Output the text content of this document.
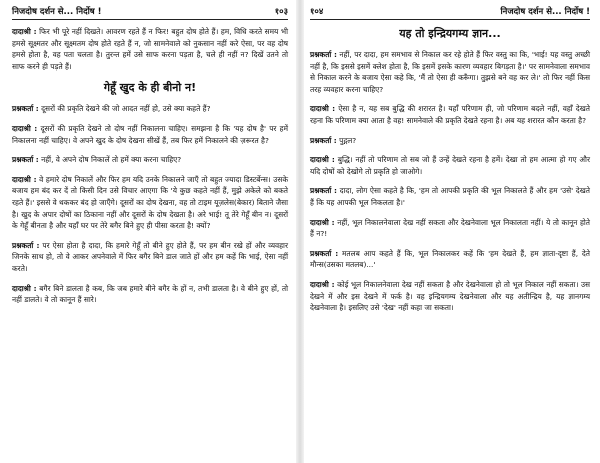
निजदोष दर्शन से... निर्दोष !	१०३

दादाश्री : फिर भी पूरे नहीं दिखते। आवरण रहते हैं न फिर! बहुत दोष होते हैं। हम, विधि करते समय भी हमसे सूक्ष्मतर और सूक्ष्मतम दोष होते रहते हैं न, जो सामनेवाले को नुकसान नहीं करे ऐसा, पर वह दोष हमसे होता है, वह पता चलता है। तुरन्त हमें उसे साफ करना पड़ता है, चले ही नहीं न? दिखें उतने तो साफ करने ही पड़ते हैं।

गेहूँ खुद के ही बीनो न!

प्रश्नकर्ता : दूसरों की प्रकृति देखने की जो आदत नहीं हो, उसे क्या कहते हैं?

दादाश्री : दूसरों की प्रकृति देखने तो दोष नहीं निकालना चाहिए। समझना है कि 'यह दोष है' पर हमें निकालना नहीं चाहिए। वे अपने खुद के दोष देखना सीखें हैं, तब फिर हमें निकालने की ज़रूरत है?

प्रश्नकर्ता : नहीं, वे अपने दोष निकालें तो हमें क्या करना चाहिए?

दादाश्री : वे हमारे दोष निकालें और फिर हम यदि उनके निकालने जाएँ तो बहुत ज्यादा डिस्टर्बेन्स। उसके बजाय हम बंद कर दें तो किसी दिन उसे विचार आएगा कि 'ये कुछ कहते नहीं हैं, मुझे अकेले को बकते रहते हैं।' इससे वे थककर बंद हो जाएँगे। दूसरों का दोष देखना, वह तो टाइम यूज़लेस(बेकार) बिताने जैसा है। खुद के अपार दोषों का ठिकाना नहीं और दूसरों के दोष देखता है। अरे भाई! तू तेरे गेहूँ बीन न। दूसरों के गेहूँ बीनता है और यहाँ घर पर तेरे बगैर बिने हुए ही पीसा करता है! क्यों?

प्रश्नकर्ता : पर ऐसा होता है दादा, कि हमारे गेहूँ तो बीने हुए होते हैं, पर हम बीन रखे हों और व्यवहार जिनके साथ हो, तो वे आकर अपनेवाले में फिर बगैर बिने डाल जाते हों और हम कहें कि भाई, ऐसा नहीं करते।

दादाश्री : बगैर बिने डालता है कब, कि जब हमारे बीने बगैर के हों न, तभी डालता है। वे बीने हुए हों, तो नहीं डालते। वे तो कानून हैं सारे।

१०४	निजदोष दर्शन से... निर्दोष !
यह तो इन्द्रियगम्य ज्ञान...

प्रश्नकर्ता : नहीं, पर दादा, हम समभाव से निकाल कर रहे होते हैं फिर वस्तु का कि, 'भाई! यह वस्तु अच्छी नहीं है, कि इससे इसमें क्लेश होता है, कि इसमें इसके कारण व्यवहार बिगड़ता है।' पर सामनेवाला समभाव से निकाल करने के बजाय ऐसा कहे कि, 'मैं तो ऐसा ही करूँगा। तुझसे बने वह कर ले।' तो फिर नहीं किस तरह व्यवहार करना चाहिए?

दादाश्री : ऐसा है न, यह सब बुद्धि की शरारत है। यहाँ परिणाम ही, जो परिणाम बदले नहीं, वहाँ देखते रहना कि परिणाम क्या आता है वह! सामनेवाले की प्रकृति देखते रहना है। अब यह शरारत कौन करता है?

प्रश्नकर्ता : पुद्गल?

दादाश्री : बुद्धि। नहीं तो परिणाम तो सब जो हैं उन्हें देखते रहना है हमें। देखा तो हम आत्मा हो गए और यदि दोषों को देखोगे तो प्रकृति हो जाओगे।

प्रश्नकर्ता : दादा, लोग ऐसा कहते है कि, 'हम तो आपकी प्रकृति की भूल निकालते हैं और हम 'उसे' देखते हैं कि यह आपकी भूल निकलता है।'

दादाश्री : नहीं, भूल निकालनेवाला देख नहीं सकता और देखनेवाला भूल निकालता नहीं। ये तो कानून होते हैं न?!

प्रश्नकर्ता : मतलब आप कहते हैं कि, भूल निकालकर कहें कि 'हम देखते हैं, हम ज्ञाता-दृष्टा हैं, देते मौन्स(उसका मतलब)...'

दादाश्री : कोई भूल निकालनेवाला देख नहीं सकता है और देखनेवाला हो तो भूल निकाल नहीं सकता। उस देखने में और इस देखने में फर्क है। वह इन्द्रियगम्य देखनेवाला और यह अतीन्द्रिय है, यह ज्ञानगम्य देखनेवाला है। इसलिए उसे 'देख' नहीं कहा जा सकता।
